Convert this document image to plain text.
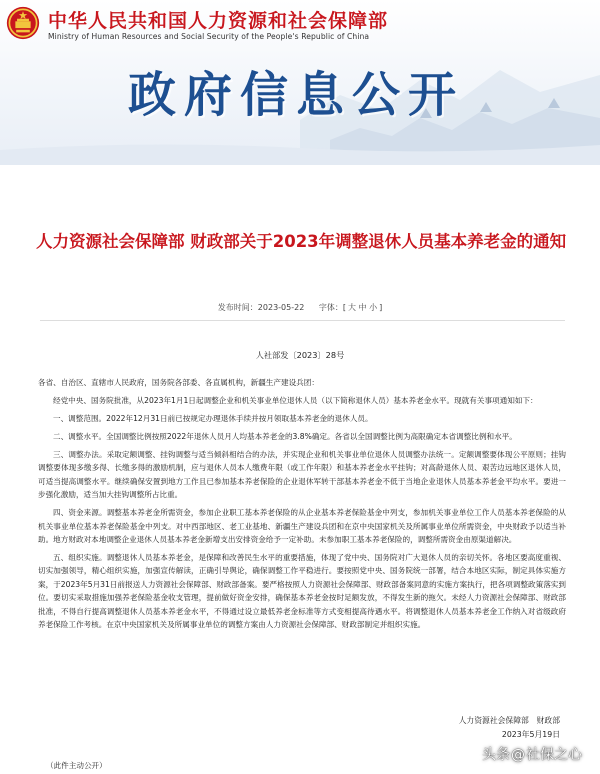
中华人民共和国人力资源和社会保障部
Ministry of Human Resources and Social Security of the People's Republic of China
政府信息公开
人力资源社会保障部 财政部关于2023年调整退休人员基本养老金的通知
发布时间：2023-05-22 字体：[ 大 中 小 ]
人社部发〔2023〕28号

各省、自治区、直辖市人民政府，国务院各部委、各直属机构，新疆生产建设兵团：

经党中央、国务院批准，从2023年1月1日起调整企业和机关事业单位退休人员（以下简称退休人员）基本养老金水平。现就有关事项通知如下：

一、调整范围。2022年12月31日前已按规定办理退休手续并按月领取基本养老金的退休人员。

二、调整水平。全国调整比例按照2022年退休人员月人均基本养老金的3.8%确定。各省以全国调整比例为高限确定本省调整比例和水平。

三、调整办法。采取定额调整、挂钩调整与适当倾斜相结合的办法，并实现企业和机关事业单位退休人员调整办法统一。定额调整要体现公平原则；挂钩调整要体现多缴多得、长缴多得的激励机制，应与退休人员本人缴费年限（或工作年限）和基本养老金水平挂钩；对高龄退休人员、艰苦边远地区退休人员，可适当提高调整水平。继续确保安置到地方工作且已参加基本养老保险的企业退休军转干部基本养老金不低于当地企业退休人员基本养老金平均水平。要进一步强化激励，适当加大挂钩调整所占比重。

四、资金来源。调整基本养老金所需资金，参加企业职工基本养老保险的从企业基本养老保险基金中列支，参加机关事业单位工作人员基本养老保险的从机关事业单位基本养老保险基金中列支。对中西部地区、老工业基地、新疆生产建设兵团和在京中央国家机关及所属事业单位所需资金，中央财政予以适当补助。地方财政对本地调整企业退休人员基本养老金新增支出安排资金给予一定补助。未参加职工基本养老保险的，调整所需资金由原渠道解决。

五、组织实施。调整退休人员基本养老金，是保障和改善民生水平的重要措施，体现了党中央、国务院对广大退休人员的亲切关怀。各地区要高度重视、切实加强领导，精心组织实施，加强宣传解读，正确引导舆论，确保调整工作平稳进行。要按照党中央、国务院统一部署，结合本地区实际，制定具体实施方案，于2023年5月31日前报送人力资源社会保障部、财政部备案。要严格按照人力资源社会保障部、财政部备案同意的实施方案执行，把各项调整政策落实到位。要切实采取措施加强养老保险基金收支管理，提前做好资金安排，确保基本养老金按时足额发放，不得发生新的拖欠。未经人力资源社会保障部、财政部批准，不得自行提高调整退休人员基本养老金水平，不得通过设立最低养老金标准等方式变相提高待遇水平。将调整退休人员基本养老金工作纳入对省级政府养老保险工作考核。在京中央国家机关及所属事业单位的调整方案由人力资源社会保障部、财政部制定并组织实施。

人力资源社会保障部　财政部
2023年5月19日
（此件主动公开）
头条@社保之心
